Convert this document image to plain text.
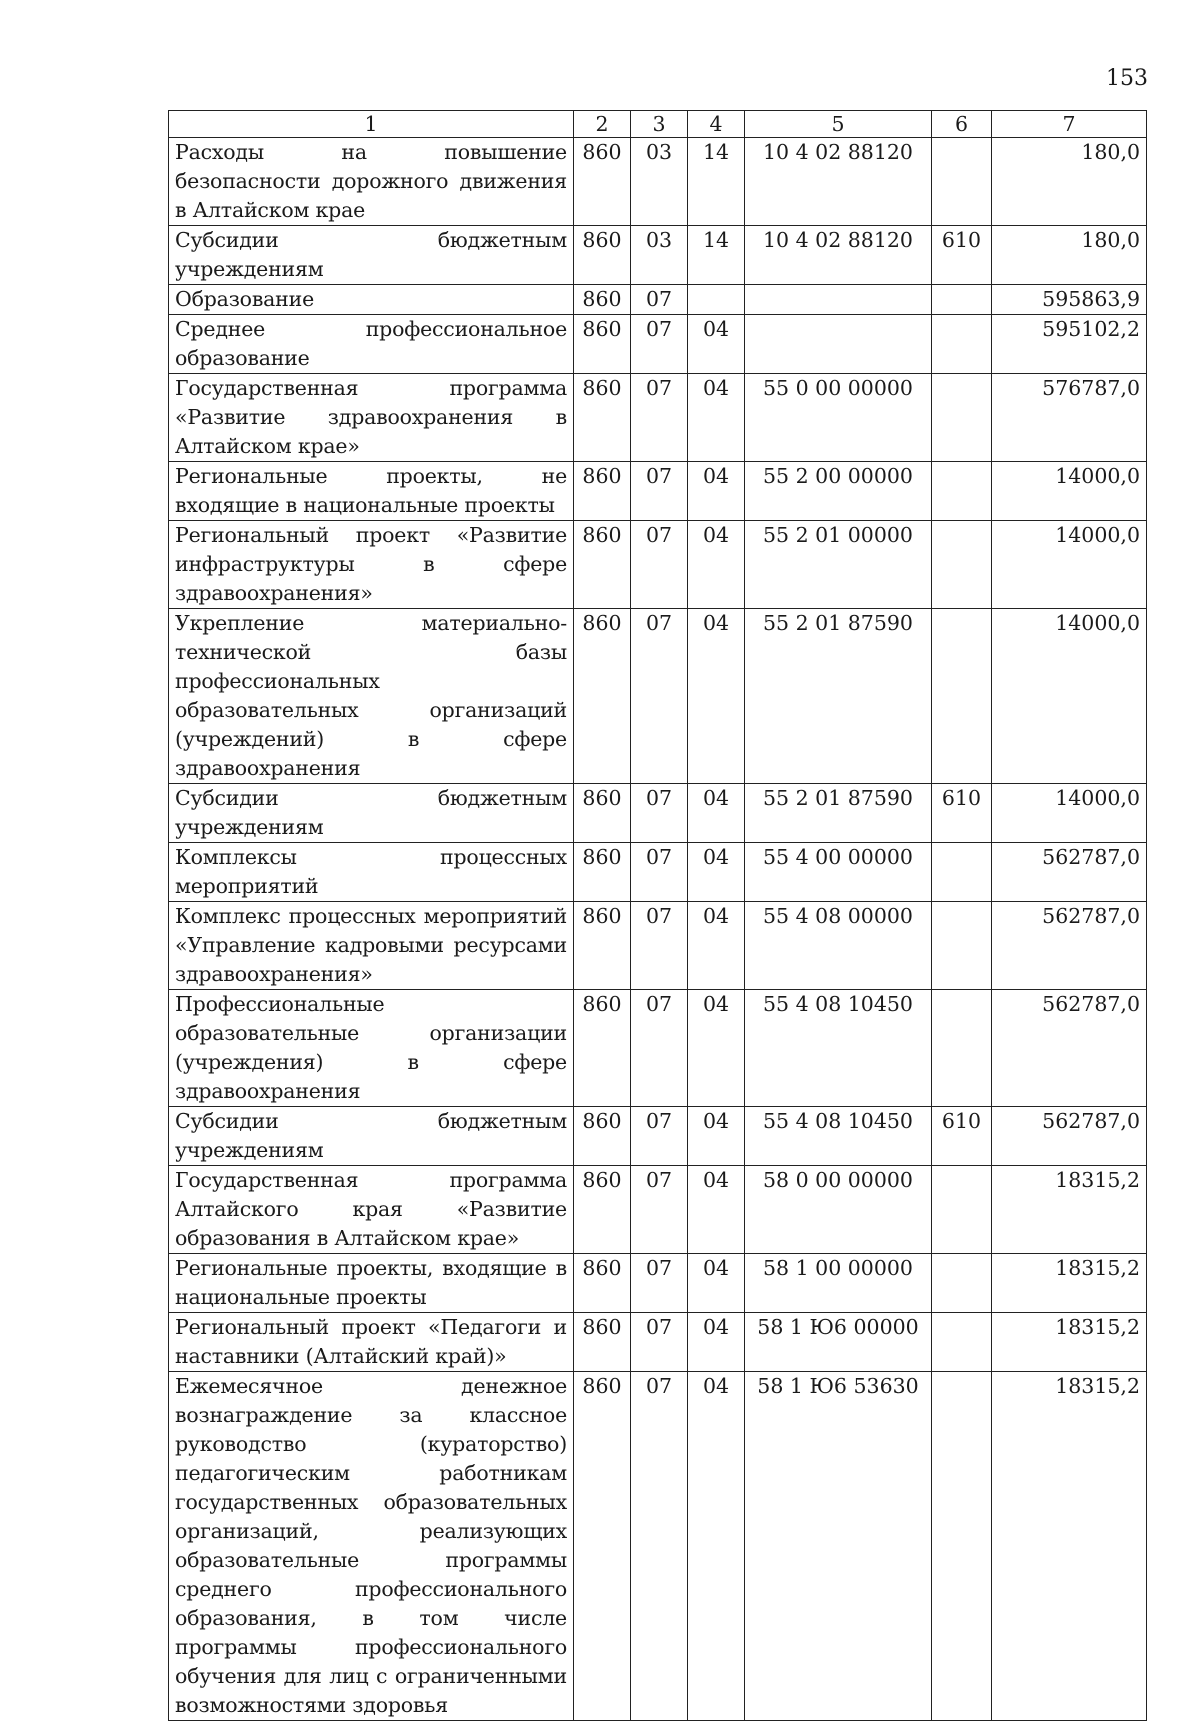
153
1	2	3	4	5	6	7
Расходы на повышение безопасности дорожного движения в Алтайском крае	860	03	14	10 4 02 88120		180,0
Субсидии бюджетным учреждениям	860	03	14	10 4 02 88120	610	180,0
Образование	860	07				595863,9
Среднее профессиональное образование	860	07	04			595102,2
Государственная программа «Развитие здравоохранения в Алтайском крае»	860	07	04	55 0 00 00000		576787,0
Региональные проекты, не входящие в национальные проекты	860	07	04	55 2 00 00000		14000,0
Региональный проект «Развитие инфраструктуры в сфере здравоохранения»	860	07	04	55 2 01 00000		14000,0
Укрепление материально-технической базы профессиональных образовательных организаций (учреждений) в сфере здравоохранения	860	07	04	55 2 01 87590		14000,0
Субсидии бюджетным учреждениям	860	07	04	55 2 01 87590	610	14000,0
Комплексы процессных мероприятий	860	07	04	55 4 00 00000		562787,0
Комплекс процессных мероприятий «Управление кадровыми ресурсами здравоохранения»	860	07	04	55 4 08 00000		562787,0
Профессиональные образовательные организации (учреждения) в сфере здравоохранения	860	07	04	55 4 08 10450		562787,0
Субсидии бюджетным учреждениям	860	07	04	55 4 08 10450	610	562787,0
Государственная программа Алтайского края «Развитие образования в Алтайском крае»	860	07	04	58 0 00 00000		18315,2
Региональные проекты, входящие в национальные проекты	860	07	04	58 1 00 00000		18315,2
Региональный проект «Педагоги и наставники (Алтайский край)»	860	07	04	58 1 Ю6 00000		18315,2
Ежемесячное денежное вознаграждение за классное руководство (кураторство) педагогическим работникам государственных образовательных организаций, реализующих образовательные программы среднего профессионального образования, в том числе программы профессионального обучения для лиц с ограниченными возможностями здоровья	860	07	04	58 1 Ю6 53630		18315,2
